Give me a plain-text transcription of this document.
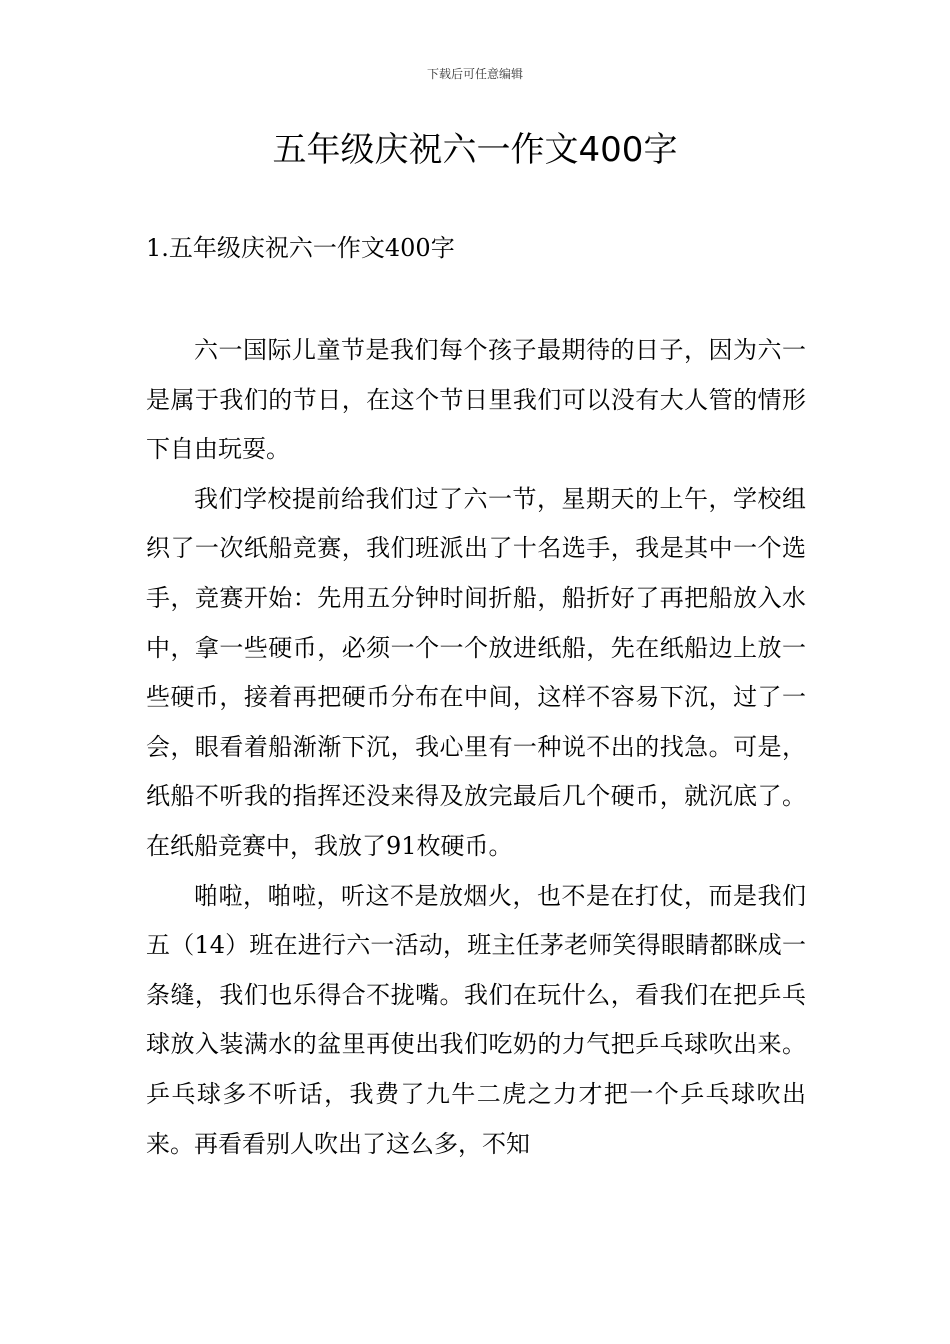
下载后可任意编辑
五年级庆祝六一作文400字
1.五年级庆祝六一作文400字

六一国际儿童节是我们每个孩子最期待的日子，因为六一是属于我们的节日，在这个节日里我们可以没有大人管的情形下自由玩耍。

我们学校提前给我们过了六一节，星期天的上午，学校组织了一次纸船竞赛，我们班派出了十名选手，我是其中一个选手，竞赛开始：先用五分钟时间折船，船折好了再把船放入水中，拿一些硬币，必须一个一个放进纸船，先在纸船边上放一些硬币，接着再把硬币分布在中间，这样不容易下沉，过了一会，眼看着船渐渐下沉，我心里有一种说不出的找急。可是，纸船不听我的指挥还没来得及放完最后几个硬币，就沉底了。在纸船竞赛中，我放了91枚硬币。

啪啦，啪啦，听这不是放烟火，也不是在打仗，而是我们五（14）班在进行六一活动，班主任茅老师笑得眼睛都眯成一条缝，我们也乐得合不拢嘴。我们在玩什么，看我们在把乒乓球放入装满水的盆里再使出我们吃奶的力气把乒乓球吹出来。乒乓球多不听话，我费了九牛二虎之力才把一个乒乓球吹出来。再看看别人吹出了这么多，不知
